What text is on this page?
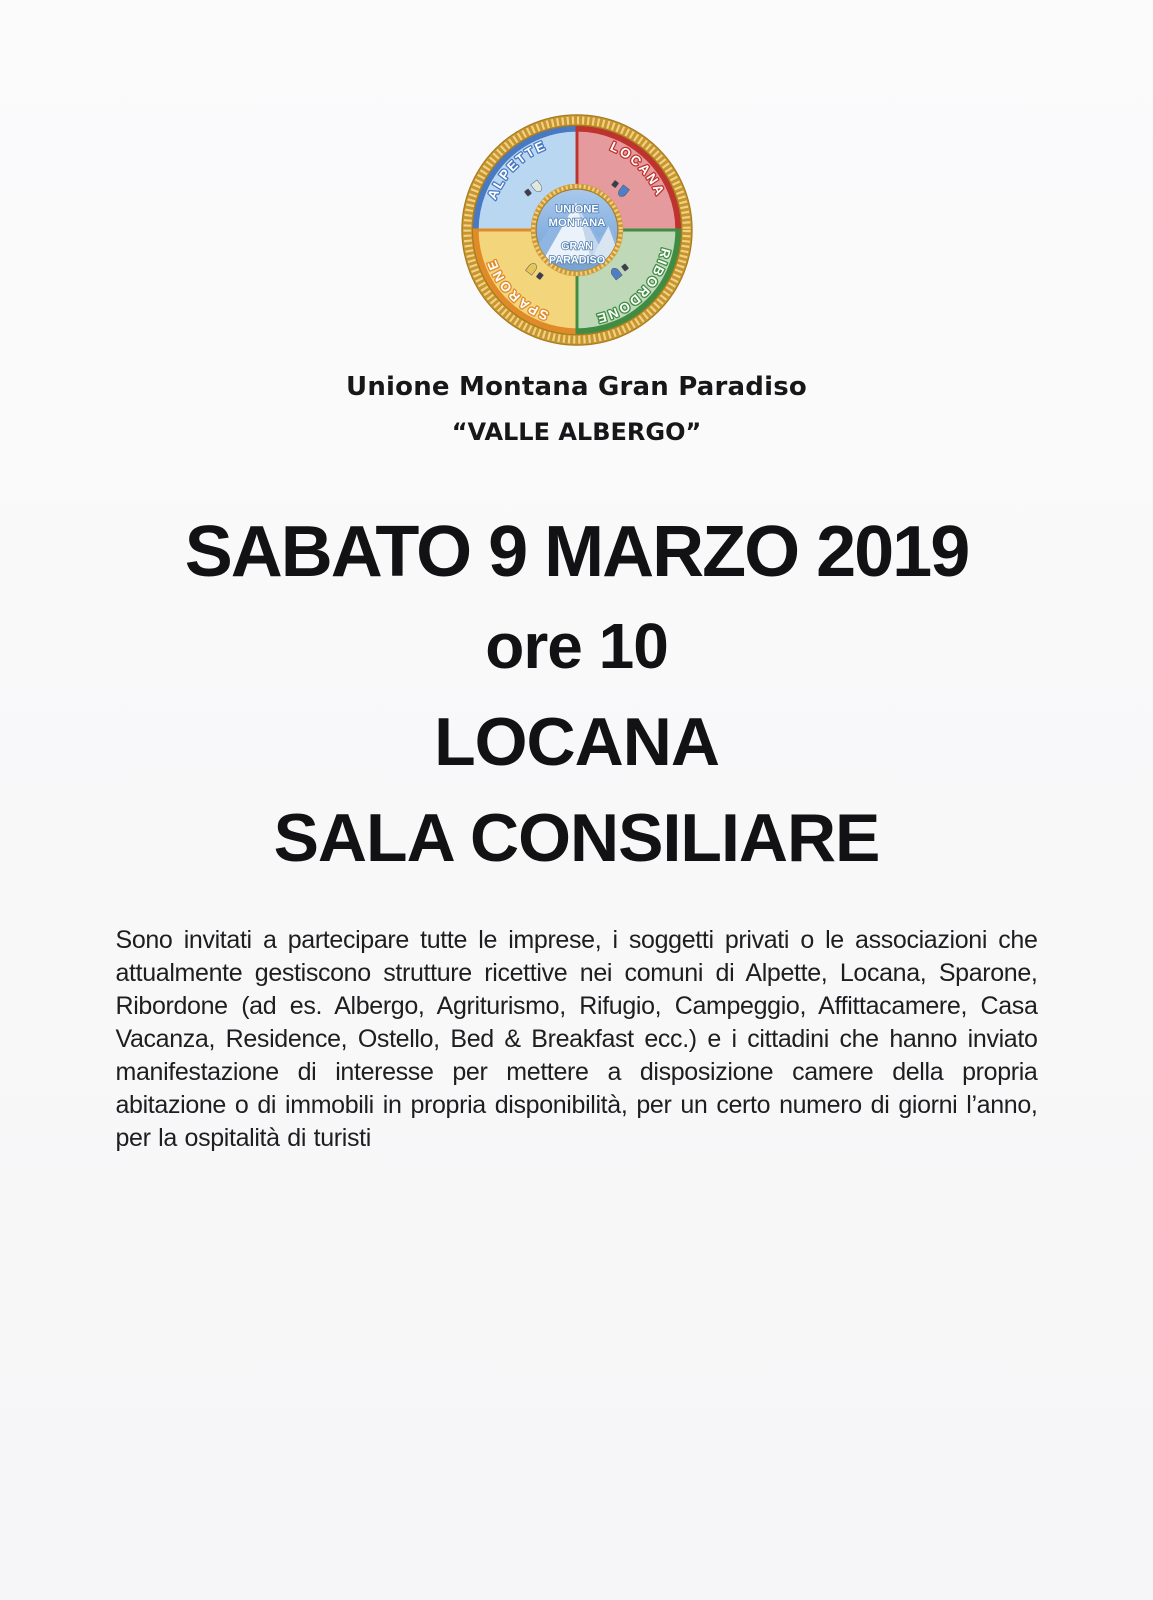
ALPETTE	LOCANA
RIBORDONE
SPARONE
UNIONE
MONTANA
GRAN
PARADISO
Unione Montana Gran Paradiso
“VALLE ALBERGO”
SABATO 9 MARZO 2019
ore 10
LOCANA
SALA CONSILIARE

Sono invitati a partecipare tutte le imprese, i soggetti privati o le associazioni che attualmente gestiscono strutture ricettive nei comuni di Alpette, Locana, Sparone, Ribordone (ad es. Albergo, Agriturismo, Rifugio, Campeggio, Affittacamere, Casa Vacanza, Residence, Ostello, Bed & Breakfast ecc.) e i cittadini che hanno inviato manifestazione di interesse per mettere a disposizione camere della propria abitazione o di immobili in propria disponibilità, per un certo numero di giorni l’anno, per la ospitalità di turisti
